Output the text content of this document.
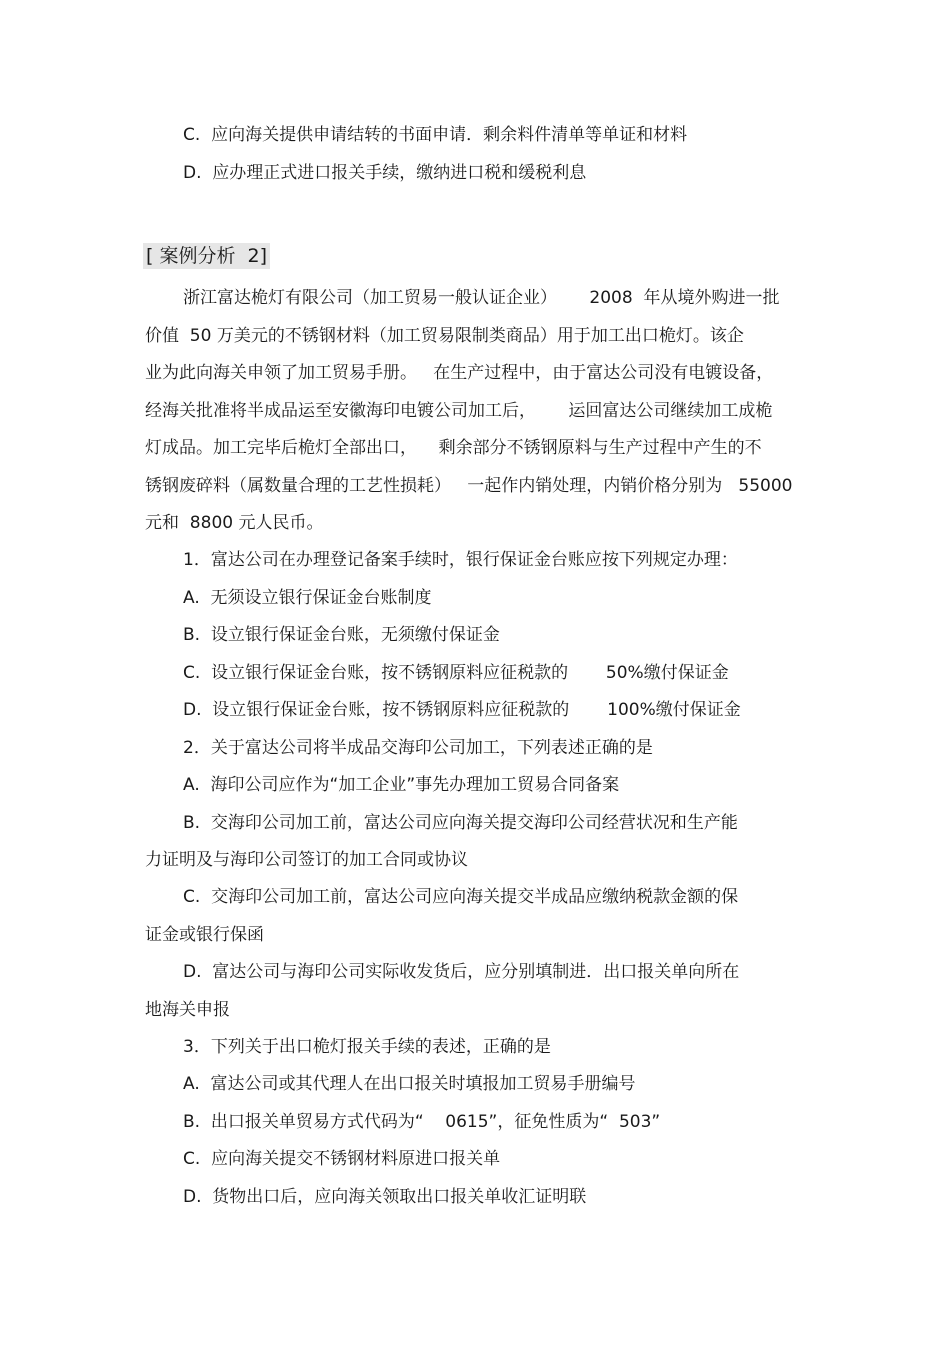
C.  应向海关提供申请结转的书面申请．剩余料件清单等单证和材料
D.  应办理正式进口报关手续，缴纳进口税和缓税利息
[ 案例分析  2]
浙江富达桅灯有限公司（加工贸易一般认证企业）      2008  年从境外购进一批
价值  50 万美元的不锈钢材料（加工贸易限制类商品）用于加工出口桅灯。该企
业为此向海关申领了加工贸易手册。   在生产过程中，由于富达公司没有电镀设备，
经海关批准将半成品运至安徽海印电镀公司加工后，      运回富达公司继续加工成桅
灯成品。加工完毕后桅灯全部出口，    剩余部分不锈钢原料与生产过程中产生的不
锈钢废碎料（属数量合理的工艺性损耗）   一起作内销处理，内销价格分别为   55000
元和  8800 元人民币。
1．富达公司在办理登记备案手续时，银行保证金台账应按下列规定办理：
A.  无须设立银行保证金台账制度
B.  设立银行保证金台账，无须缴付保证金
C.  设立银行保证金台账，按不锈钢原料应征税款的       50%缴付保证金
D.  设立银行保证金台账，按不锈钢原料应征税款的       100%缴付保证金
2．关于富达公司将半成品交海印公司加工，下列表述正确的是
A.  海印公司应作为“加工企业”事先办理加工贸易合同备案
B.  交海印公司加工前，富达公司应向海关提交海印公司经营状况和生产能
力证明及与海印公司签订的加工合同或协议
C.  交海印公司加工前，富达公司应向海关提交半成品应缴纳税款金额的保
证金或银行保函
D.  富达公司与海印公司实际收发货后，应分别填制进．出口报关单向所在
地海关申报
3．下列关于出口桅灯报关手续的表述，正确的是
A.  富达公司或其代理人在出口报关时填报加工贸易手册编号
B.  出口报关单贸易方式代码为“    0615”，征免性质为“  503”
C.  应向海关提交不锈钢材料原进口报关单
D.  货物出口后，应向海关领取出口报关单收汇证明联
